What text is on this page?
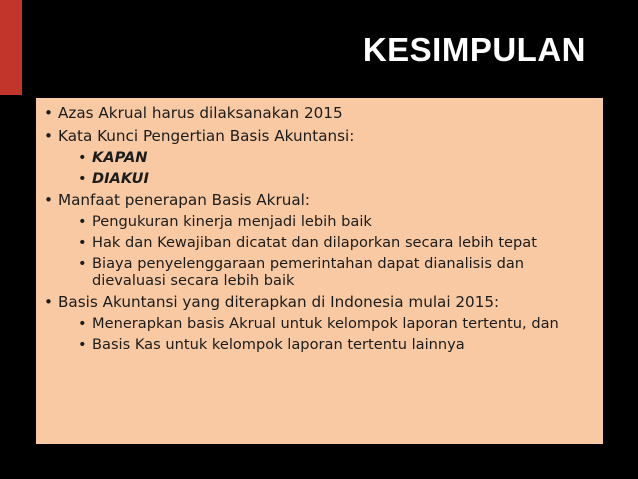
KESIMPULAN
• Azas Akrual harus dilaksanakan 2015
• Kata Kunci Pengertian Basis Akuntansi:
• KAPAN
• DIAKUI
• Manfaat penerapan Basis Akrual:
• Pengukuran kinerja menjadi lebih baik
• Hak dan Kewajiban dicatat dan dilaporkan secara lebih tepat
• Biaya penyelenggaraan pemerintahan dapat dianalisis dan dievaluasi secara lebih baik
• Basis Akuntansi yang diterapkan di Indonesia mulai 2015:
• Menerapkan basis Akrual untuk kelompok laporan tertentu, dan
• Basis Kas untuk kelompok laporan tertentu lainnya
